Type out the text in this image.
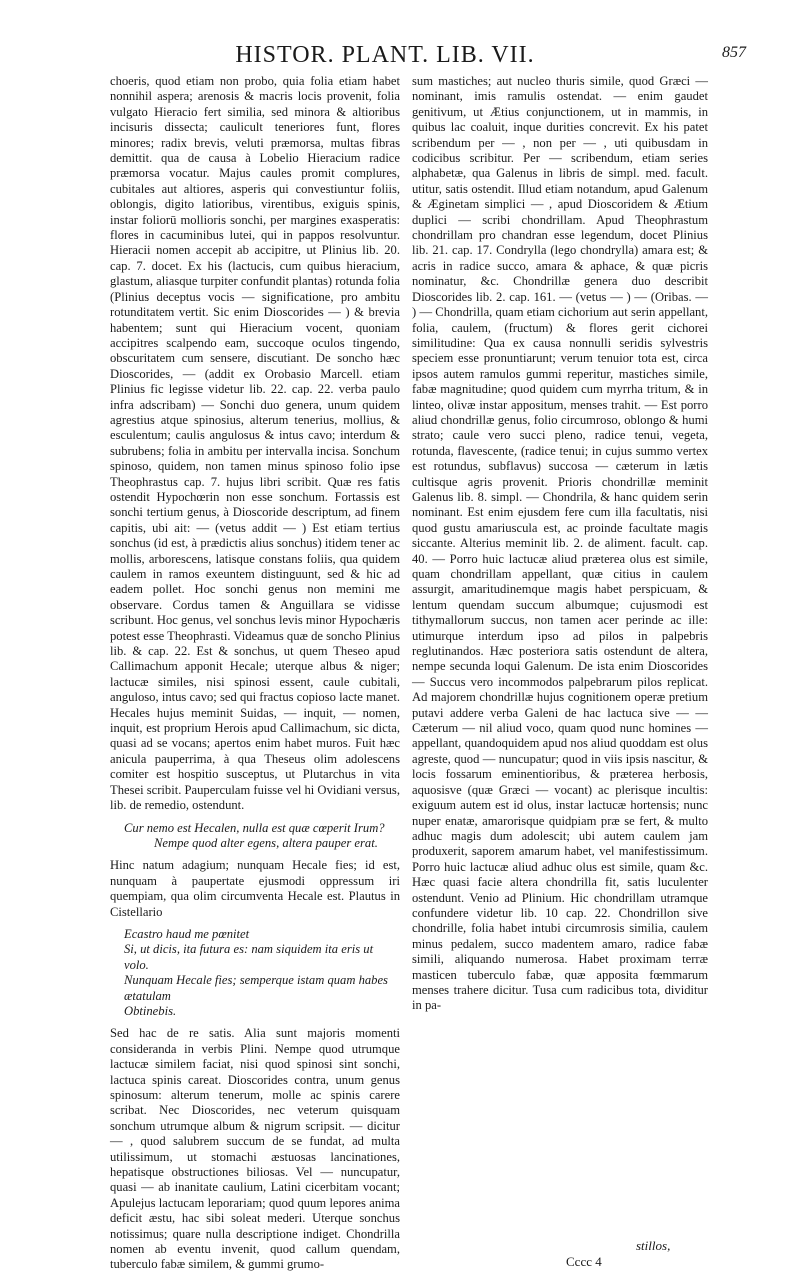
HISTOR. PLANT. LIB. VII.	857

choeris, quod etiam non probo, quia folia etiam habet nonnihil aspera; arenosis & macris locis provenit, folia vulgato Hieracio fert similia, sed minora & altioribus incisuris dissecta; caulicult teneriores funt, flores minores; radix brevis, veluti præmorsa, multas fibras demittit. qua de causa à Lobelio Hieracium radice præmorsa vocatur. Majus caules promit complures, cubitales aut altiores, asperis qui convestiuntur foliis, oblongis, digito latioribus, virentibus, exiguis spinis, instar foliorū mollioris sonchi, per margines exasperatis: flores in cacuminibus lutei, qui in pappos resolvuntur. Hieracii nomen accepit ab accipitre, ut Plinius lib. 20. cap. 7. docet. Ex his (lactucis, cum quibus hieracium, glastum, aliasque turpiter confundit plantas) rotunda folia (Plinius deceptus vocis — significatione, pro ambitu rotunditatem vertit. Sic enim Dioscorides — ) & brevia habentem; sunt qui Hieracium vocent, quoniam accipitres scalpendo eam, succoque oculos tingendo, obscuritatem cum sensere, discutiant. De soncho hæc Dioscorides, — (addit ex Orobasio Marcell. etiam Plinius fic legisse videtur lib. 22. cap. 22. verba paulo infra adscribam) — Sonchi duo genera, unum quidem agrestius atque spinosius, alterum tenerius, mollius, & esculentum; caulis angulosus & intus cavo; interdum & subrubens; folia in ambitu per intervalla incisa. Sonchum spinoso, quidem, non tamen minus spinoso folio ipse Theophrastus cap. 7. hujus libri scribit. Quæ res fatis ostendit Hypochœrin non esse sonchum. Fortassis est sonchi tertium genus, à Dioscoride descriptum, ad finem capitis, ubi ait: — (vetus addit — ) Est etiam tertius sonchus (id est, à prædictis alius sonchus) itidem tener ac mollis, arborescens, latisque constans foliis, qua quidem caulem in ramos exeuntem distinguunt, sed & hic ad eadem pollet. Hoc sonchi genus non memini me observare. Cordus tamen & Anguillara se vidisse scribunt. Hoc genus, vel sonchus levis minor Hypochæris potest esse Theophrasti. Videamus quæ de soncho Plinius lib. & cap. 22. Est & sonchus, ut quem Theseo apud Callimachum apponit Hecale; uterque albus & niger; lactucæ similes, nisi spinosi essent, caule cubitali, anguloso, intus cavo; sed qui fractus copioso lacte manet. Hecales hujus meminit Suidas, — inquit, — nomen, inquit, est proprium Herois apud Callimachum, sic dicta, quasi ad se vocans; apertos enim habet muros. Fuit hæc anicula pauperrima, à qua Theseus olim adolescens comiter est hospitio susceptus, ut Plutarchus in vita Thesei scribit. Pauperculam fuisse vel hi Ovidiani versus, lib. de remedio, ostendunt.

Cur nemo est Hecalen, nulla est quæ cœperit Irum?

Nempe quod alter egens, altera pauper erat.

Hinc natum adagium; nunquam Hecale fies; id est, nunquam à paupertate ejusmodi oppressum iri quempiam, qua olim circumventa Hecale est. Plautus in Cistellario

Ecastro haud me pœnitet

Si, ut dicis, ita futura es: nam siquidem ita eris ut volo.

Nunquam Hecale fies; semperque istam quam habes ætatulam

Obtinebis.

Sed hac de re satis. Alia sunt majoris momenti consideranda in verbis Plini. Nempe quod utrumque lactucæ similem faciat, nisi quod spinosi sint sonchi, lactuca spinis careat. Dioscorides contra, unum genus spinosum: alterum tenerum, molle ac spinis carere scribat. Nec Dioscorides, nec veterum quisquam sonchum utrumque album & nigrum scripsit. — dicitur — , quod salubrem succum de se fundat, ad multa utilissimum, ut stomachi æstuosas lancinationes, hepatisque obstructiones biliosas. Vel — nuncupatur, quasi — ab inanitate caulium, Latini cicerbitam vocant; Apulejus lactucam leporariam; quod quum lepores anima deficit æstu, hac sibi soleat mederi. Uterque sonchus notissimus; quare nulla descriptione indiget. Chondrilla nomen ab eventu invenit, quod callum quendam, tuberculo fabæ similem, & gummi grumo-

sum mastiches; aut nucleo thuris simile, quod Græci — nominant, imis ramulis ostendat. — enim gaudet genitivum, ut Ætius conjunctionem, ut in mammis, in quibus lac coaluit, inque durities concrevit. Ex his patet scribendum per — , non per — , uti quibusdam in codicibus scribitur. Per — scribendum, etiam series alphabetæ, qua Galenus in libris de simpl. med. facult. utitur, satis ostendit. Illud etiam notandum, apud Galenum & Æginetam simplici — , apud Dioscoridem & Ætium duplici — scribi chondrillam. Apud Theophrastum chondrillam pro chandran esse legendum, docet Plinius lib. 21. cap. 17. Condrylla (lego chondrylla) amara est; & acris in radice succo, amara & aphace, & quæ picris nominatur, &c. Chondrillæ genera duo describit Dioscorides lib. 2. cap. 161. — (vetus — ) — (Oribas. — ) — Chondrilla, quam etiam cichorium aut serin appellant, folia, caulem, (fructum) & flores gerit cichorei similitudine: Qua ex causa nonnulli seridis sylvestris speciem esse pronuntiarunt; verum tenuior tota est, circa ipsos autem ramulos gummi reperitur, mastiches simile, fabæ magnitudine; quod quidem cum myrrha tritum, & in linteo, olivæ instar appositum, menses trahit. — Est porro aliud chondrillæ genus, folio circumroso, oblongo & humi strato; caule vero succi pleno, radice tenui, vegeta, rotunda, flavescente, (radice tenui; in cujus summo vertex est rotundus, subflavus) succosa — cæterum in lætis cultisque agris provenit. Prioris chondrillæ meminit Galenus lib. 8. simpl. — Chondrila, & hanc quidem serin nominant. Est enim ejusdem fere cum illa facultatis, nisi quod gustu amariuscula est, ac proinde facultate magis siccante. Alterius meminit lib. 2. de aliment. facult. cap. 40. — Porro huic lactucæ aliud præterea olus est simile, quam chondrillam appellant, quæ citius in caulem assurgit, amaritudinemque magis habet perspicuam, & lentum quendam succum albumque; cujusmodi est tithymallorum succus, non tamen acer perinde ac ille: utimurque interdum ipso ad pilos in palpebris reglutinandos. Hæc posteriora satis ostendunt de altera, nempe secunda loqui Galenum. De ista enim Dioscorides — Succus vero incommodos palpebrarum pilos replicat. Ad majorem chondrillæ hujus cognitionem operæ pretium putavi addere verba Galeni de hac lactuca sive — — Cæterum — nil aliud voco, quam quod nunc homines — appellant, quandoquidem apud nos aliud quoddam est olus agreste, quod — nuncupatur; quod in viis ipsis nascitur, & locis fossarum eminentioribus, & præterea herbosis, aquosisve (quæ Græci — vocant) ac plerisque incultis: exiguum autem est id olus, instar lactucæ hortensis; nunc nuper enatæ, amarorisque quidpiam præ se fert, & multo adhuc magis dum adolescit; ubi autem caulem jam produxerit, saporem amarum habet, vel manifestissimum. Porro huic lactucæ aliud adhuc olus est simile, quam &c. Hæc quasi facie altera chondrilla fit, satis luculenter ostendunt. Venio ad Plinium. Hic chondrillam utramque confundere videtur lib. 10 cap. 22. Chondrillon sive chondrille, folia habet intubi circumrosis similia, caulem minus pedalem, succo madentem amaro, radice fabæ simili, aliquando numerosa. Habet proximam terræ masticen tuberculo fabæ, quæ apposita fœmmarum menses trahere dicitur. Tusa cum radicibus tota, dividitur in pa-

stillos,
Cccc 4
